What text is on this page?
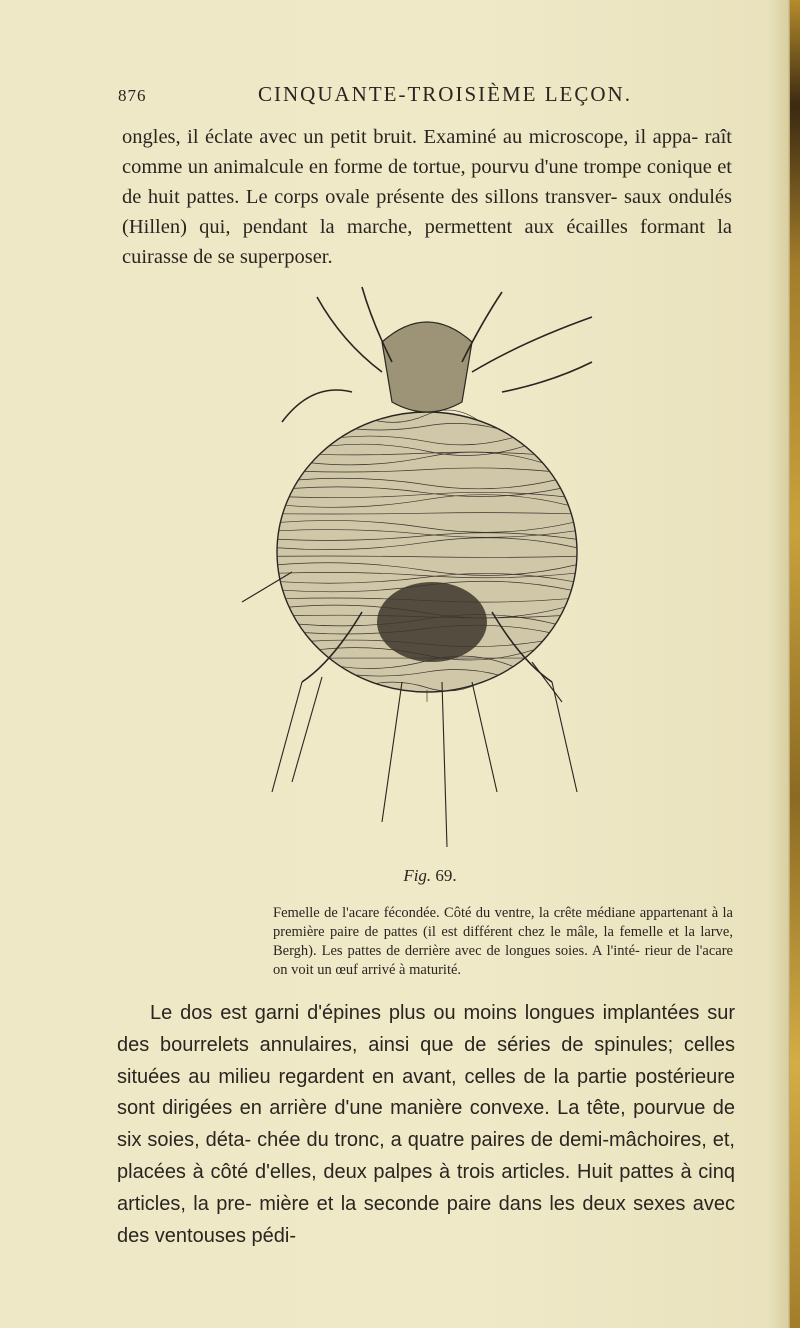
876	CINQUANTE-TROISIÈME LEÇON.

ongles, il éclate avec un petit bruit. Examiné au microscope, il appa- raît comme un animalcule en forme de tortue, pourvu d'une trompe conique et de huit pattes. Le corps ovale présente des sillons transver- saux ondulés (Hillen) qui, pendant la marche, permettent aux écailles formant la cuirasse de se superposer.

Fig. 69.

Femelle de l'acare fécondée. Côté du ventre, la crête médiane appartenant à la première paire de pattes (il est différent chez le mâle, la femelle et la larve, Bergh). Les pattes de derrière avec de longues soies. A l'inté- rieur de l'acare on voit un œuf arrivé à maturité.

Le dos est garni d'épines plus ou moins longues implantées sur des bourrelets annulaires, ainsi que de séries de spinules; celles situées au milieu regardent en avant, celles de la partie postérieure sont dirigées en arrière d'une manière convexe. La tête, pourvue de six soies, déta- chée du tronc, a quatre paires de demi-mâchoires, et, placées à côté d'elles, deux palpes à trois articles. Huit pattes à cinq articles, la pre- mière et la seconde paire dans les deux sexes avec des ventouses pédi-
